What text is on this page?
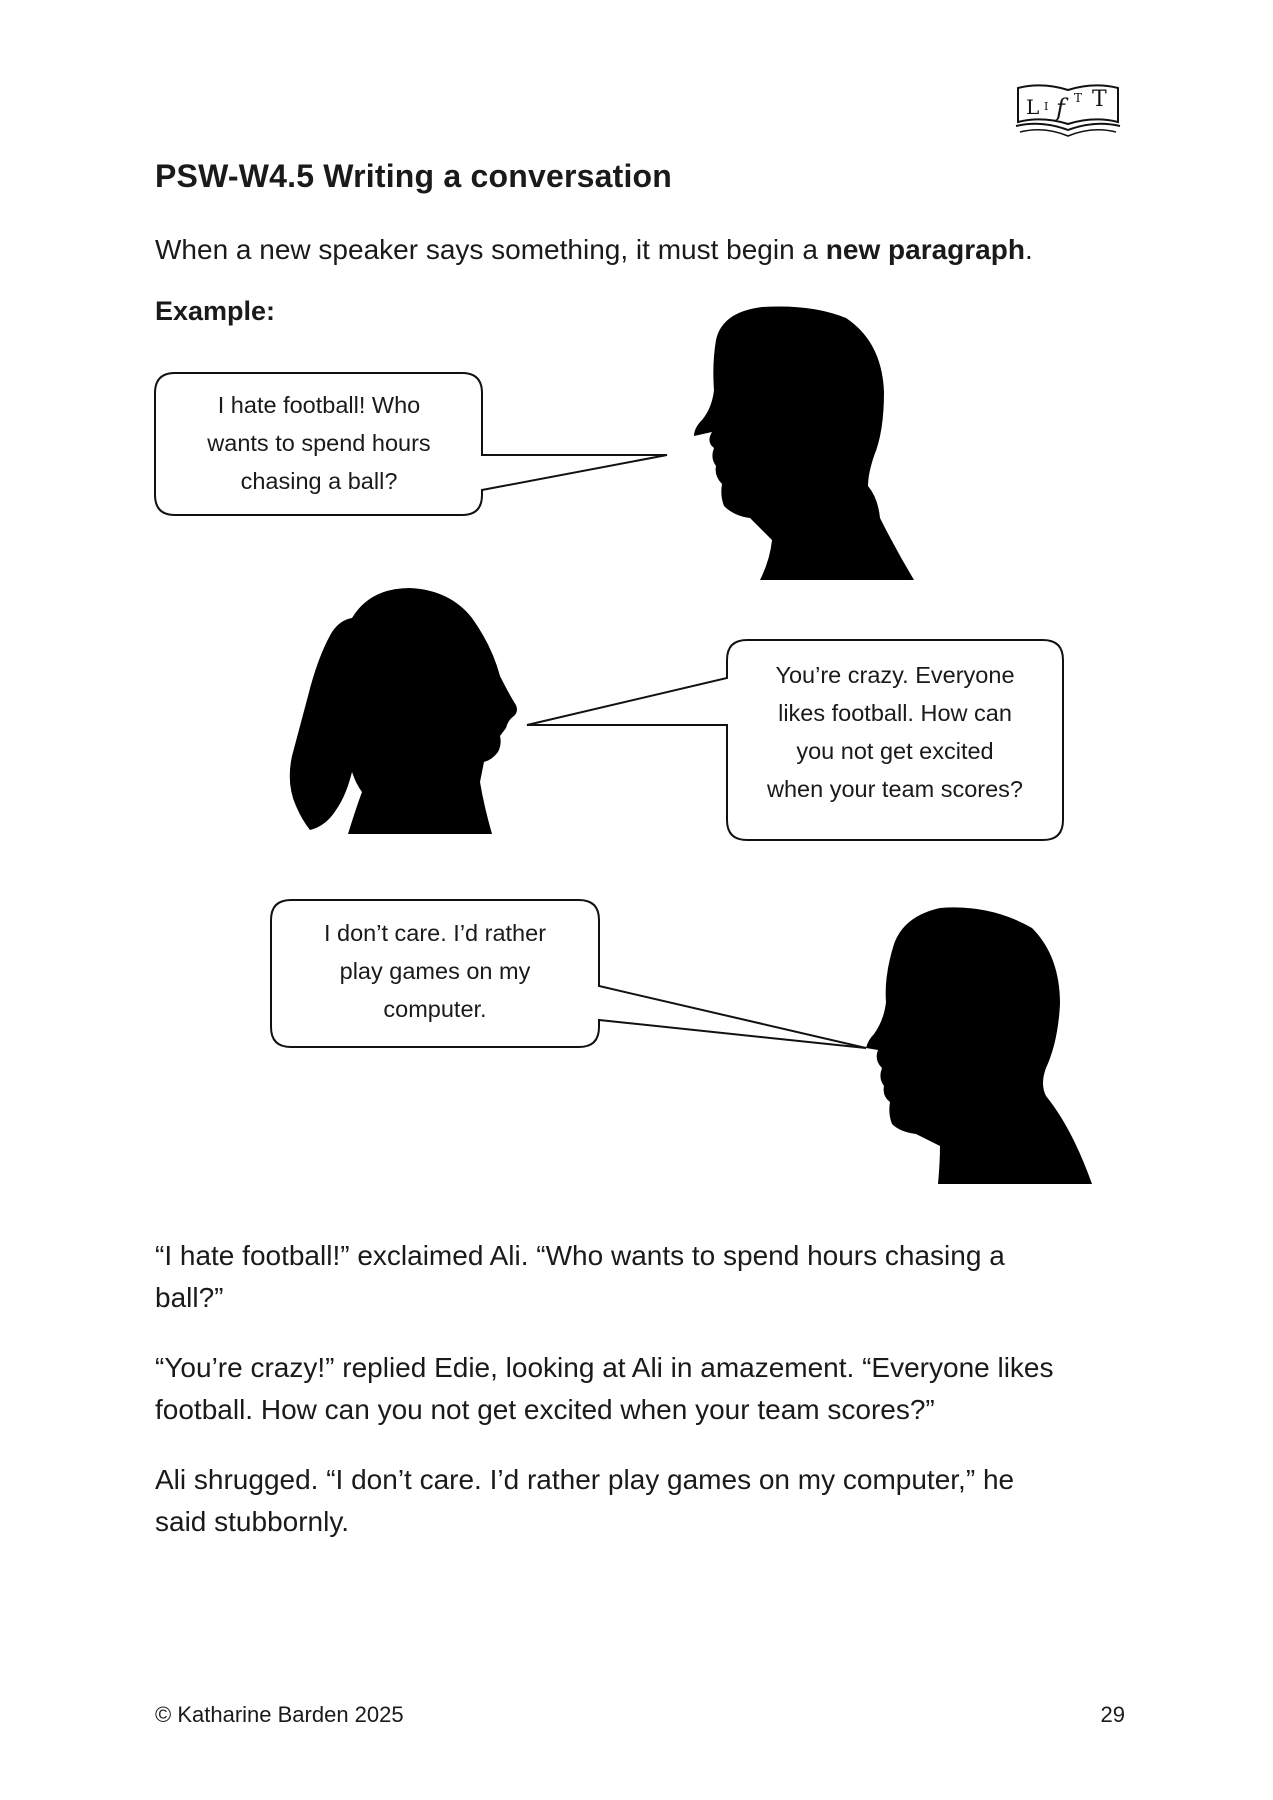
L I f T T
PSW-W4.5 Writing a conversation

When a new speaker says something, it must begin a new paragraph.

Example:

I hate football! Who
wants to spend hours
chasing a ball?
You’re crazy. Everyone
likes football. How can
you not get excited
when your team scores?
I don’t care. I’d rather
play games on my
computer.

“I hate football!” exclaimed Ali. “Who wants to spend hours chasing a
ball?”

“You’re crazy!” replied Edie, looking at Ali in amazement. “Everyone likes
football. How can you not get excited when your team scores?”

Ali shrugged. “I don’t care. I’d rather play games on my computer,” he
said stubbornly.

© Katharine Barden 2025	29
